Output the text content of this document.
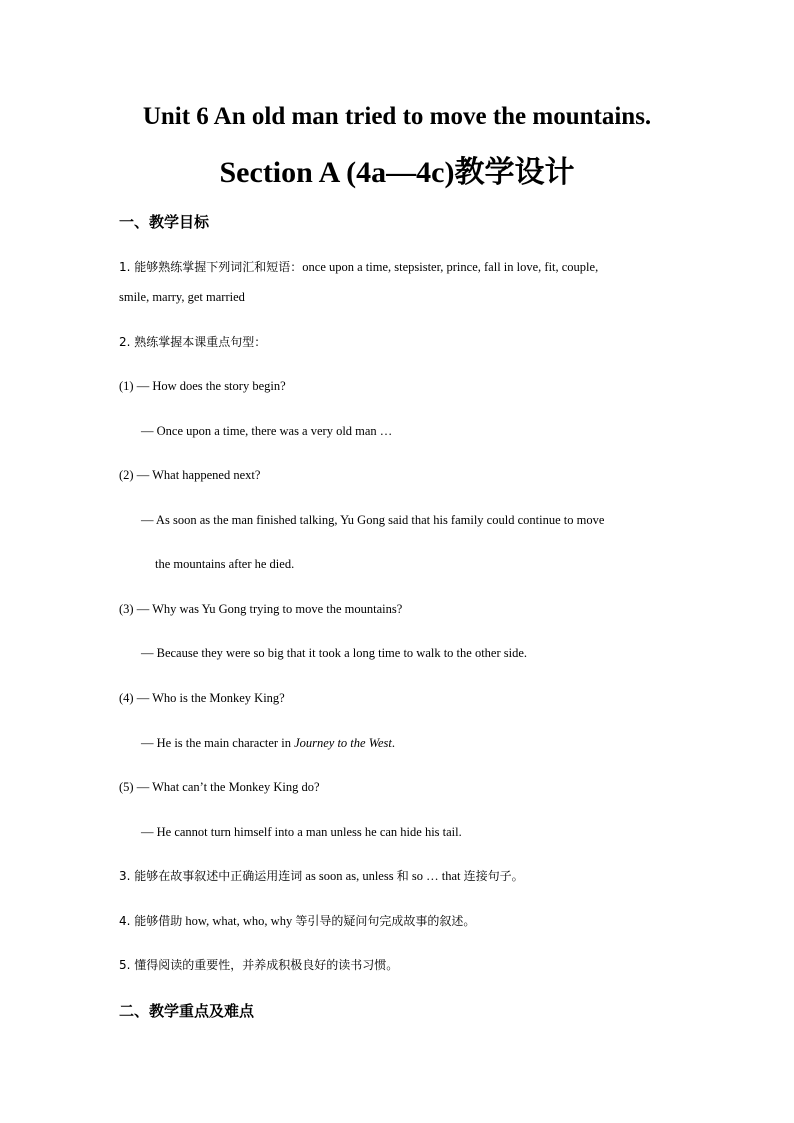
Unit 6 An old man tried to move the mountains.
Section A (4a—4c)教学设计
一、教学目标
1. 能够熟练掌握下列词汇和短语：once upon a time, stepsister, prince, fall in love, fit, couple,
smile, marry, get married
2. 熟练掌握本课重点句型：
(1) — How does the story begin?
— Once upon a time, there was a very old man …
(2) — What happened next?
— As soon as the man finished talking, Yu Gong said that his family could continue to move
the mountains after he died.
(3) — Why was Yu Gong trying to move the mountains?
— Because they were so big that it took a long time to walk to the other side.
(4) — Who is the Monkey King?
— He is the main character in Journey to the West.
(5) — What can’t the Monkey King do?
— He cannot turn himself into a man unless he can hide his tail.
3. 能够在故事叙述中正确运用连词 as soon as, unless 和 so … that 连接句子。
4. 能够借助 how, what, who, why 等引导的疑问句完成故事的叙述。
5. 懂得阅读的重要性，并养成积极良好的读书习惯。
二、教学重点及难点
